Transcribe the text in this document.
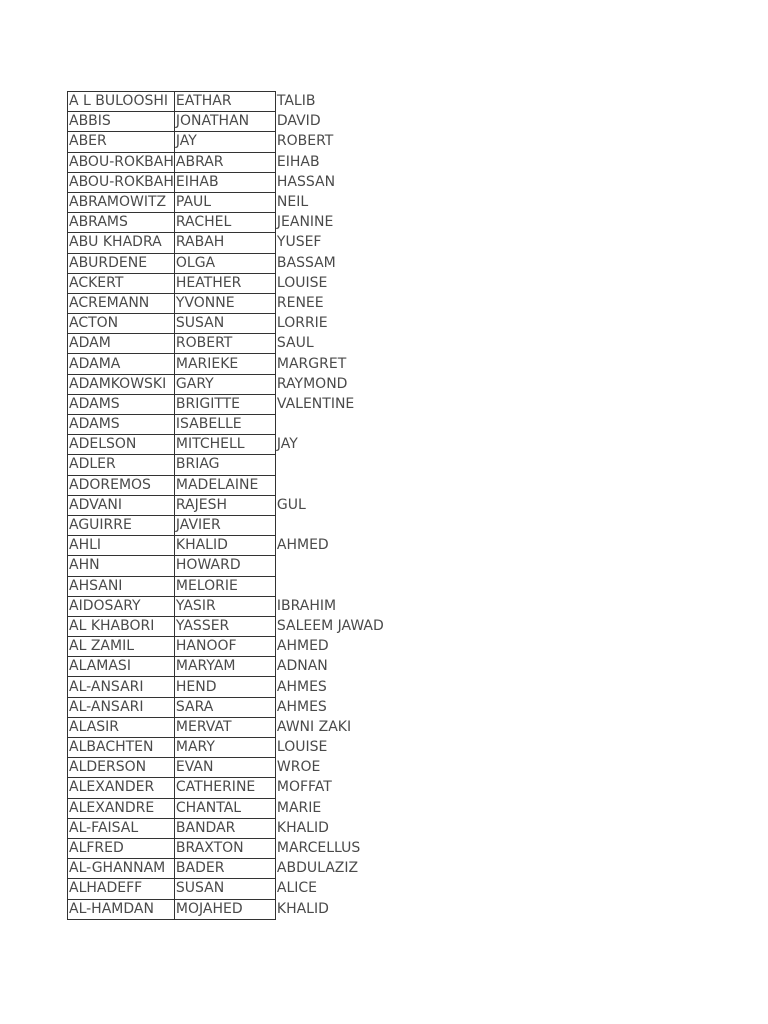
A L BULOOSHI	EATHAR	TALIB
ABBIS	JONATHAN	DAVID
ABER	JAY	ROBERT
ABOU-ROKBAH	ABRAR	EIHAB
ABOU-ROKBAH	EIHAB	HASSAN
ABRAMOWITZ	PAUL	NEIL
ABRAMS	RACHEL	JEANINE
ABU KHADRA	RABAH	YUSEF
ABURDENE	OLGA	BASSAM
ACKERT	HEATHER	LOUISE
ACREMANN	YVONNE	RENEE
ACTON	SUSAN	LORRIE
ADAM	ROBERT	SAUL
ADAMA	MARIEKE	MARGRET
ADAMKOWSKI	GARY	RAYMOND
ADAMS	BRIGITTE	VALENTINE
ADAMS	ISABELLE	
ADELSON	MITCHELL	JAY
ADLER	BRIAG	
ADOREMOS	MADELAINE	
ADVANI	RAJESH	GUL
AGUIRRE	JAVIER	
AHLI	KHALID	AHMED
AHN	HOWARD	
AHSANI	MELORIE	
AIDOSARY	YASIR	IBRAHIM
AL KHABORI	YASSER	SALEEM JAWAD
AL ZAMIL	HANOOF	AHMED
ALAMASI	MARYAM	ADNAN
AL-ANSARI	HEND	AHMES
AL-ANSARI	SARA	AHMES
ALASIR	MERVAT	AWNI ZAKI
ALBACHTEN	MARY	LOUISE
ALDERSON	EVAN	WROE
ALEXANDER	CATHERINE	MOFFAT
ALEXANDRE	CHANTAL	MARIE
AL-FAISAL	BANDAR	KHALID
ALFRED	BRAXTON	MARCELLUS
AL-GHANNAM	BADER	ABDULAZIZ
ALHADEFF	SUSAN	ALICE
AL-HAMDAN	MOJAHED	KHALID
